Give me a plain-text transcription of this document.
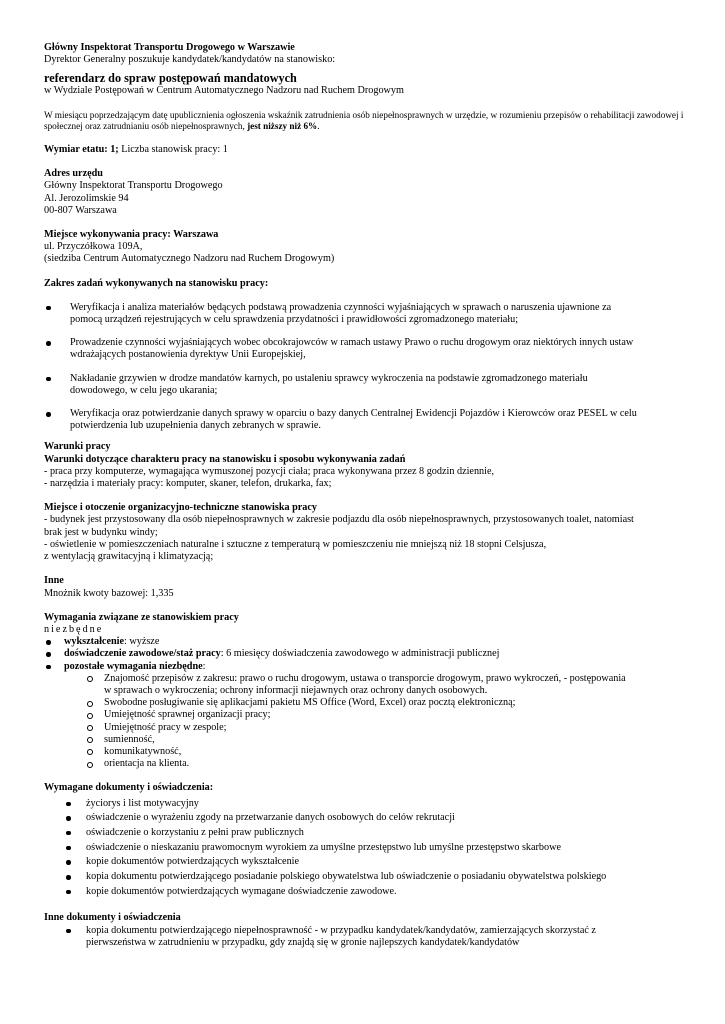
Główny Inspektorat Transportu Drogowego w Warszawie
Dyrektor Generalny poszukuje kandydatek/kandydatów na stanowisko:
referendarz do spraw postępowań mandatowych
w Wydziale Postępowań w Centrum Automatycznego Nadzoru nad Ruchem Drogowym
W miesiącu poprzedzającym datę upublicznienia ogłoszenia wskaźnik zatrudnienia osób niepełnosprawnych w urzędzie, w rozumieniu przepisów o rehabilitacji zawodowej i społecznej oraz zatrudnianiu osób niepełnosprawnych, jest niższy niż 6%.
Wymiar etatu: 1; Liczba stanowisk pracy: 1
Adres urzędu
Główny Inspektorat Transportu Drogowego
Al. Jerozolimskie 94
00-807 Warszawa
Miejsce wykonywania pracy: Warszawa
ul. Przyczółkowa 109A,
(siedziba Centrum Automatycznego Nadzoru nad Ruchem Drogowym)
Zakres zadań wykonywanych na stanowisku pracy:
Weryfikacja i analiza materiałów będących podstawą prowadzenia czynności wyjaśniających w sprawach o naruszenia ujawnione za
pomocą urządzeń rejestrujących w celu sprawdzenia przydatności i prawidłowości zgromadzonego materiału;
Prowadzenie czynności wyjaśniających wobec obcokrajowców w ramach ustawy Prawo o ruchu drogowym oraz niektórych innych ustaw
wdrażających postanowienia dyrektyw Unii Europejskiej,
Nakładanie grzywien w drodze mandatów karnych, po ustaleniu sprawcy wykroczenia na podstawie zgromadzonego materiału
dowodowego, w celu jego ukarania;
Weryfikacja oraz potwierdzanie danych sprawy w oparciu o bazy danych Centralnej Ewidencji Pojazdów i Kierowców oraz PESEL w celu
potwierdzenia lub uzupełnienia danych zebranych w sprawie.
Warunki pracy
Warunki dotyczące charakteru pracy na stanowisku i sposobu wykonywania zadań
- praca przy komputerze, wymagająca wymuszonej pozycji ciała; praca wykonywana przez 8 godzin dziennie,
- narzędzia i materiały pracy: komputer, skaner, telefon, drukarka, fax;
Miejsce i otoczenie organizacyjno-techniczne stanowiska pracy
- budynek jest przystosowany dla osób niepełnosprawnych w zakresie podjazdu dla osób niepełnosprawnych, przystosowanych toalet, natomiast
brak jest w budynku windy;
- oświetlenie w pomieszczeniach naturalne i sztuczne z temperaturą w pomieszczeniu nie mniejszą niż 18 stopni Celsjusza,
z wentylacją grawitacyjną i klimatyzacją;
Inne
Mnożnik kwoty bazowej: 1,335
Wymagania związane ze stanowiskiem pracy
niezbędne
wykształcenie: wyższe
doświadczenie zawodowe/staż pracy: 6 miesięcy doświadczenia zawodowego w administracji publicznej
pozostałe wymagania niezbędne:
Znajomość przepisów z zakresu: prawo o ruchu drogowym, ustawa o transporcie drogowym, prawo wykroczeń, - postępowania
w sprawach o wykroczenia; ochrony informacji niejawnych oraz ochrony danych osobowych.
Swobodne posługiwanie się aplikacjami pakietu MS Office (Word, Excel) oraz pocztą elektroniczną;
Umiejętność sprawnej organizacji pracy;
Umiejętność pracy w zespole;
sumienność,
komunikatywność,
orientacja na klienta.
Wymagane dokumenty i oświadczenia:
życiorys i list motywacyjny
oświadczenie o wyrażeniu zgody na przetwarzanie danych osobowych do celów rekrutacji
oświadczenie o korzystaniu z pełni praw publicznych
oświadczenie o nieskazaniu prawomocnym wyrokiem za umyślne przestępstwo lub umyślne przestępstwo skarbowe
kopie dokumentów potwierdzających wykształcenie
kopia dokumentu potwierdzającego posiadanie polskiego obywatelstwa lub oświadczenie o posiadaniu obywatelstwa polskiego
kopie dokumentów potwierdzających wymagane doświadczenie zawodowe.
Inne dokumenty i oświadczenia
kopia dokumentu potwierdzającego niepełnosprawność - w przypadku kandydatek/kandydatów, zamierzających skorzystać z
pierwszeństwa w zatrudnieniu w przypadku, gdy znajdą się w gronie najlepszych kandydatek/kandydatów
